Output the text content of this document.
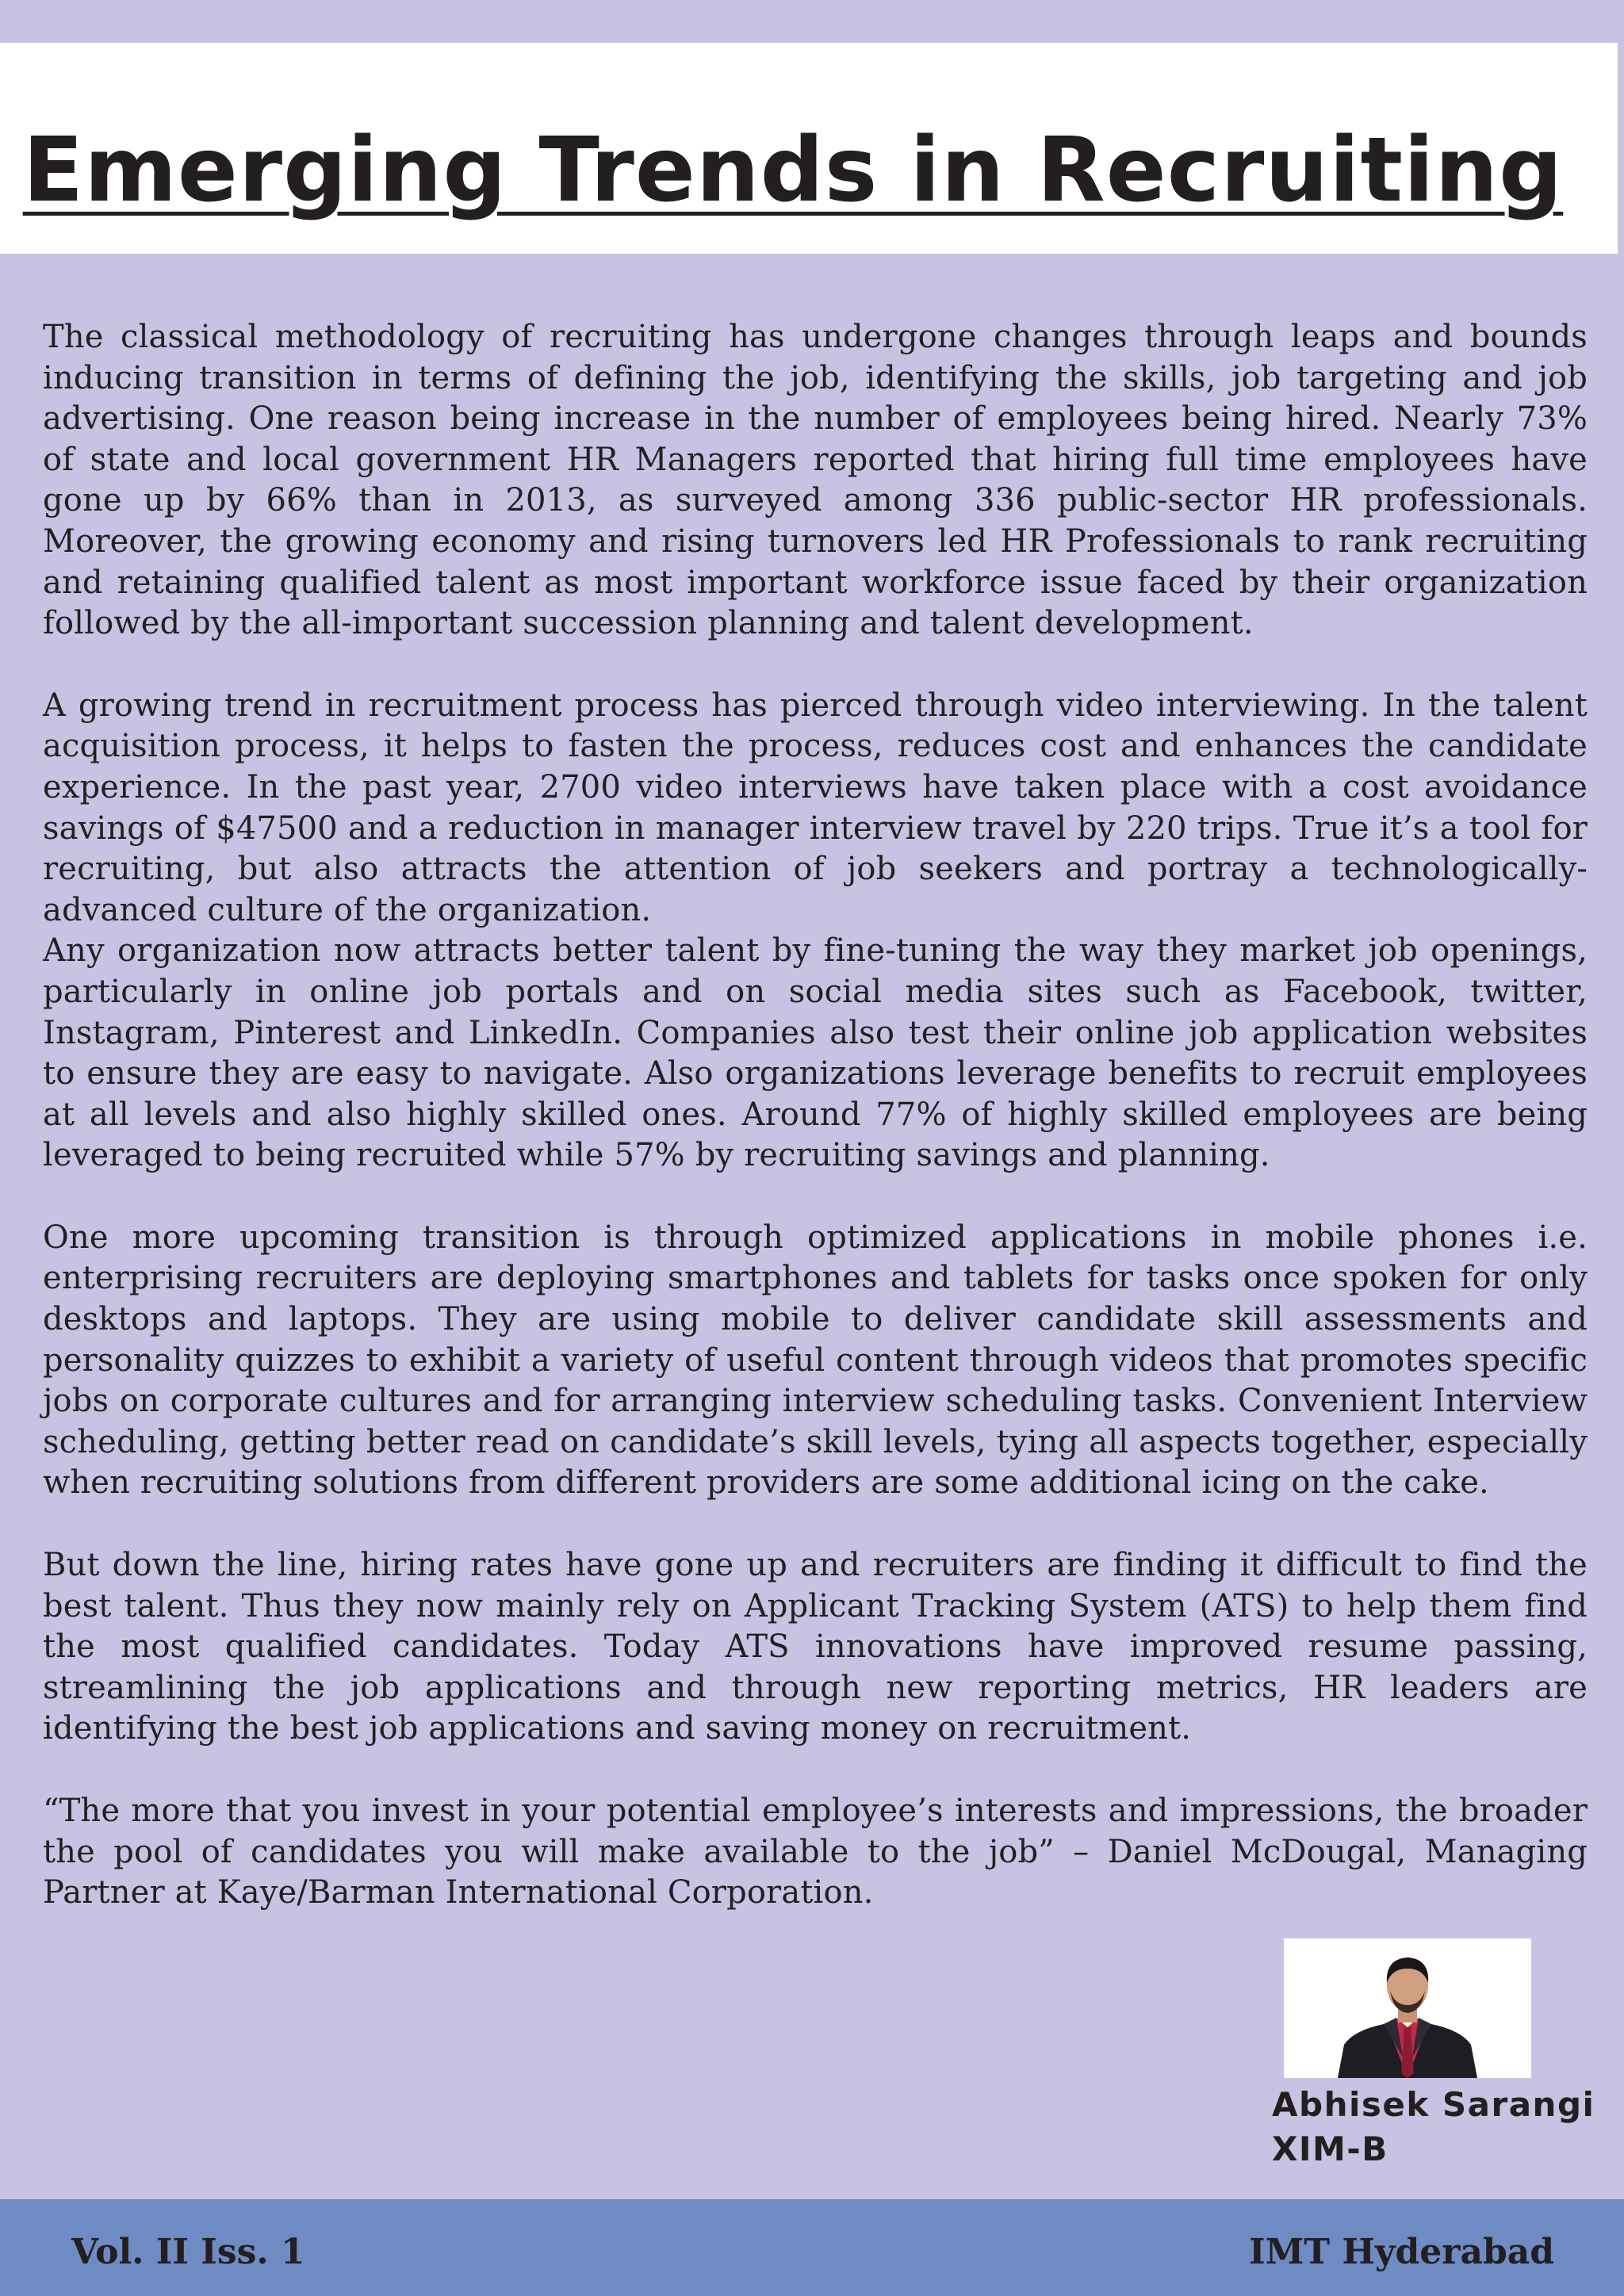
Emerging Trends in Recruiting

The classical methodology of recruiting has undergone changes through leaps and bounds inducing transition in terms of defining the job, identifying the skills, job targeting and job advertising. One reason being increase in the number of employees being hired. Nearly 73% of state and local government HR Managers reported that hiring full time employees have gone up by 66% than in 2013, as surveyed among 336 public-sector HR professionals. Moreover, the growing economy and rising turnovers led HR Professionals to rank recruiting and retaining qualified talent as most important workforce issue faced by their organization followed by the all-important succession planning and talent development.

A growing trend in recruitment process has pierced through video interviewing. In the talent acquisition process, it helps to fasten the process, reduces cost and enhances the candidate experience. In the past year, 2700 video interviews have taken place with a cost avoidance savings of $47500 and a reduction in manager interview travel by 220 trips. True it’s a tool for recruiting, but also attracts the attention of job seekers and portray a technologically- advanced culture of the organization.

Any organization now attracts better talent by fine-tuning the way they market job openings, particularly in online job portals and on social media sites such as Facebook, twitter, Instagram, Pinterest and LinkedIn. Companies also test their online job application websites to ensure they are easy to navigate. Also organizations leverage benefits to recruit employees at all levels and also highly skilled ones. Around 77% of highly skilled employees are being leveraged to being recruited while 57% by recruiting savings and planning.

One more upcoming transition is through optimized applications in mobile phones i.e. enterprising recruiters are deploying smartphones and tablets for tasks once spoken for only desktops and laptops. They are using mobile to deliver candidate skill assessments and personality quizzes to exhibit a variety of useful content through videos that promotes specific jobs on corporate cultures and for arranging interview scheduling tasks. Convenient Interview scheduling, getting better read on candidate’s skill levels, tying all aspects together, especially when recruiting solutions from different providers are some additional icing on the cake.

But down the line, hiring rates have gone up and recruiters are finding it difficult to find the best talent. Thus they now mainly rely on Applicant Tracking System (ATS) to help them find the most qualified candidates. Today ATS innovations have improved resume passing, streamlining the job applications and through new reporting metrics, HR leaders are identifying the best job applications and saving money on recruitment.

“The more that you invest in your potential employee’s interests and impressions, the broader the pool of candidates you will make available to the job” – Daniel McDougal, Managing Partner at Kaye/Barman International Corporation.

Abhisek Sarangi
XIM-B
Vol. II Iss. 1	IMT Hyderabad
